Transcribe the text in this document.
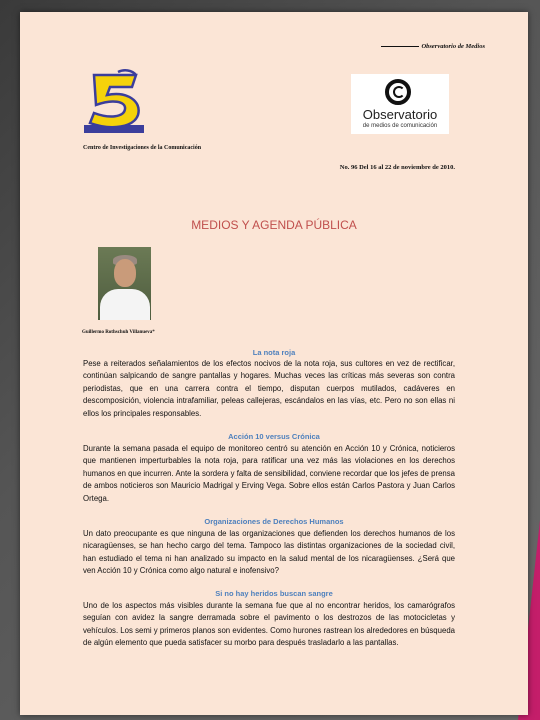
Observatorio de Medios
Observatorio
de medios de comunicación
Centro de Investigaciones de la Comunicación
No. 96 Del 16 al 22 de noviembre de 2010.
MEDIOS Y AGENDA PÚBLICA
Guillermo Rothschuh Villanueva*
La nota roja
Pese a reiterados señalamientos de los efectos nocivos de la nota roja, sus cultores en vez de rectificar, continúan salpicando de sangre pantallas y hogares. Muchas veces las críticas más severas son contra periodistas, que en una carrera contra el tiempo, disputan cuerpos mutilados, cadáveres en descomposición, violencia intrafamiliar, peleas callejeras, escándalos en las vías, etc. Pero no son ellas ni ellos los principales responsables.
Acción 10 versus Crónica
Durante la semana pasada el equipo de monitoreo centró su atención en Acción 10 y Crónica, noticieros que mantienen imperturbables la nota roja, para ratificar una vez más las violaciones en los derechos humanos en que incurren. Ante la sordera y falta de sensibilidad, conviene recordar que los jefes de prensa de ambos noticieros son Mauricio Madrigal y Erving Vega. Sobre ellos están Carlos Pastora y Juan Carlos Ortega.
Organizaciones de Derechos Humanos
Un dato preocupante es que ninguna de las organizaciones que defienden los derechos humanos de los nicaragüenses, se han hecho cargo del tema. Tampoco las distintas organizaciones de la sociedad civil, han estudiado el tema ni han analizado su impacto en la salud mental de los nicaragüenses. ¿Será que ven Acción 10 y Crónica como algo natural e inofensivo?
Si no hay heridos buscan sangre
Uno de los aspectos más visibles durante la semana fue que al no encontrar heridos, los camarógrafos seguían con avidez la sangre derramada sobre el pavimento o los destrozos de las motocicletas y vehículos. Los semi y primeros planos son evidentes. Como hurones rastrean los alrededores en búsqueda de algún elemento que pueda satisfacer su morbo para después trasladarlo a las pantallas.
